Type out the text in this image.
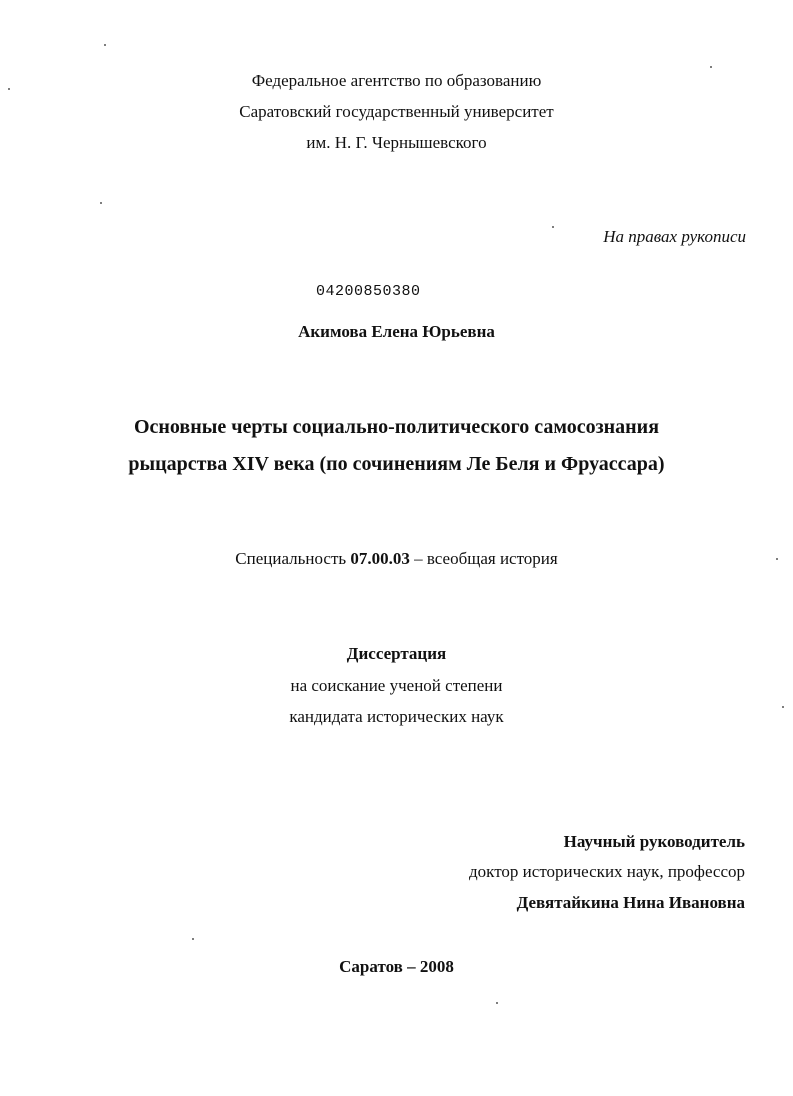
Федеральное агентство по образованию
Саратовский государственный университет
им. Н. Г. Чернышевского
На правах рукописи
04200850380
Акимова Елена Юрьевна
Основные черты социально-политического самосознания
рыцарства XIV века (по сочинениям Ле Беля и Фруассара)
Специальность 07.00.03 – всеобщая история
Диссертация
на соискание ученой степени
кандидата исторических наук
Научный руководитель
доктор исторических наук, профессор
Девятайкина Нина Ивановна
Саратов – 2008
